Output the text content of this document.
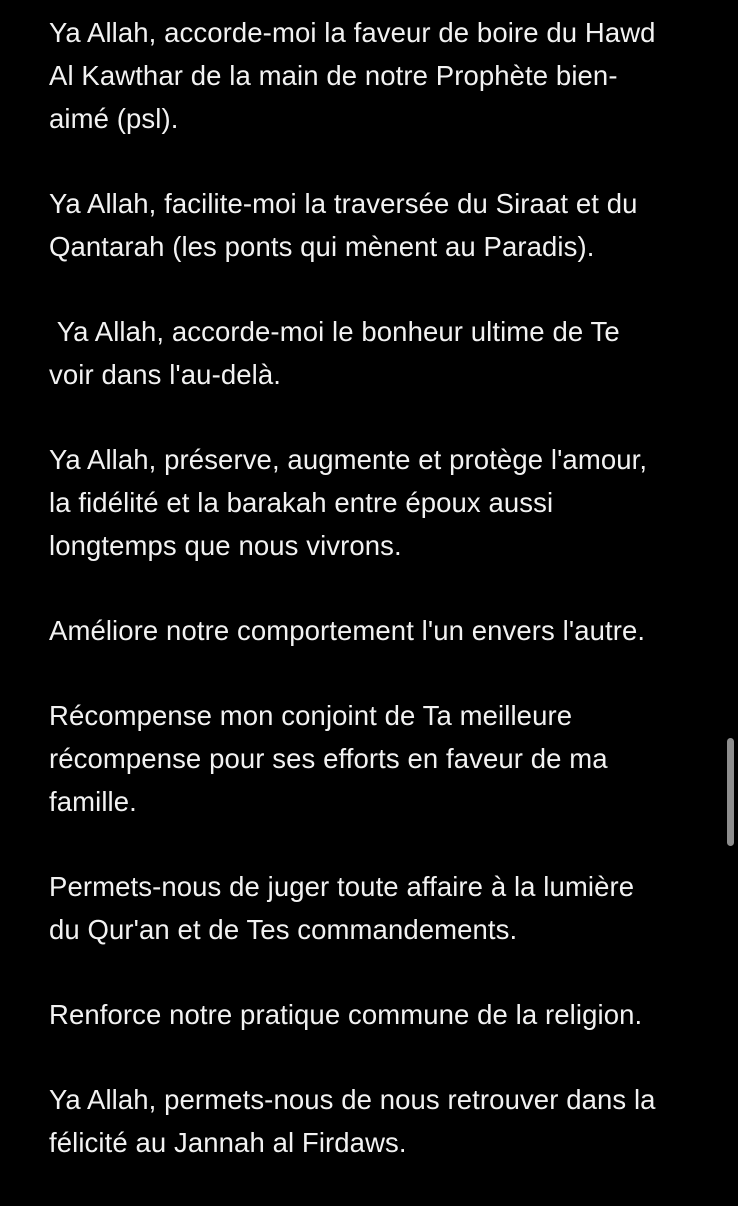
Ya Allah, accorde-moi la faveur de boire du Hawd
Al Kawthar de la main de notre Prophète bien-
aimé (psl).

Ya Allah, facilite-moi la traversée du Siraat et du
Qantarah (les ponts qui mènent au Paradis).

Ya Allah, accorde-moi le bonheur ultime de Te
voir dans l'au-delà.

Ya Allah, préserve, augmente et protège l'amour,
la fidélité et la barakah entre époux aussi
longtemps que nous vivrons.

Améliore notre comportement l'un envers l'autre.

Récompense mon conjoint de Ta meilleure
récompense pour ses efforts en faveur de ma
famille.

Permets-nous de juger toute affaire à la lumière
du Qur'an et de Tes commandements.

Renforce notre pratique commune de la religion.

Ya Allah, permets-nous de nous retrouver dans la
félicité au Jannah al Firdaws.
